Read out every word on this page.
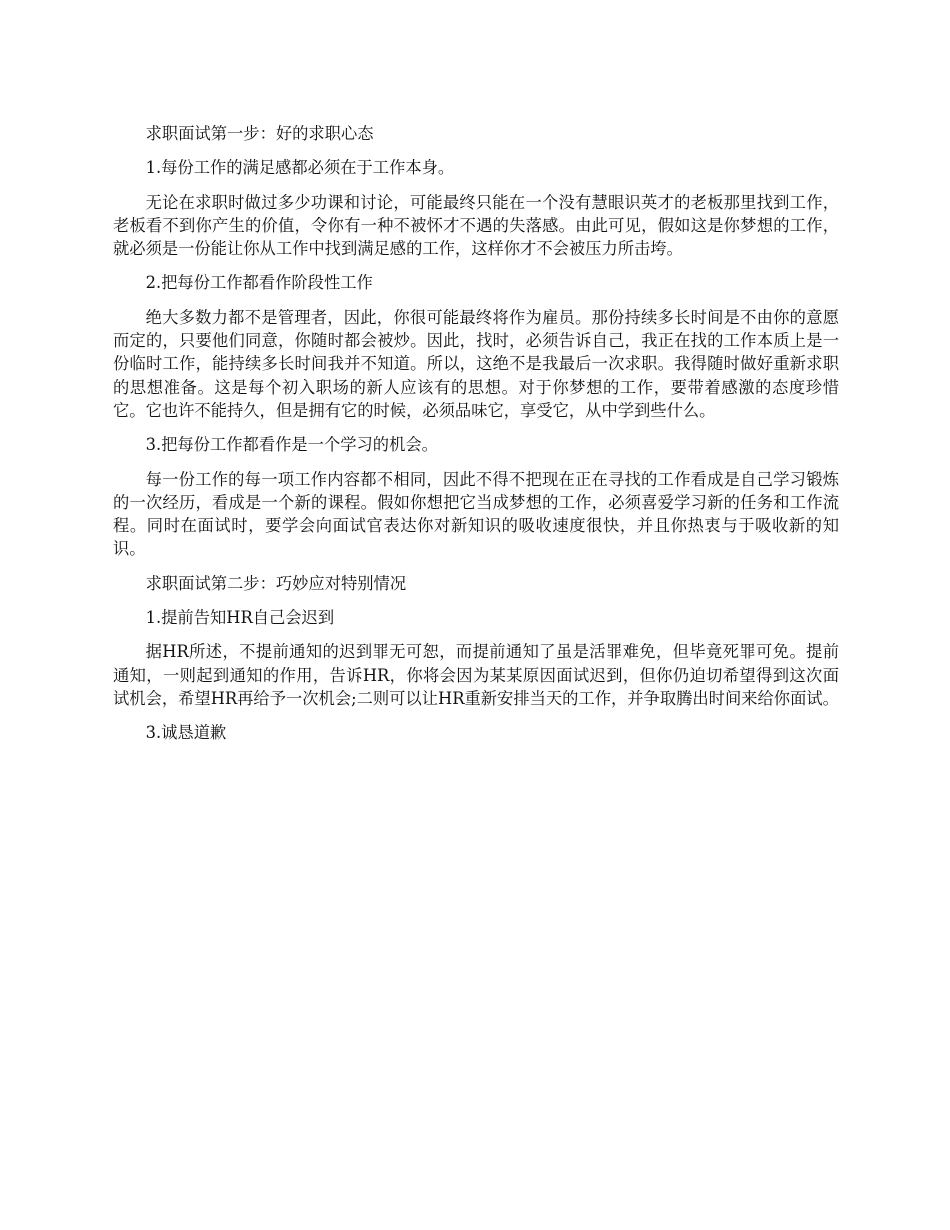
求职面试第一步：好的求职心态

1.每份工作的满足感都必须在于工作本身。

无论在求职时做过多少功课和讨论，可能最终只能在一个没有慧眼识英才的老板那里找到工作，老板看不到你产生的价值，令你有一种不被怀才不遇的失落感。由此可见，假如这是你梦想的工作，就必须是一份能让你从工作中找到满足感的工作，这样你才不会被压力所击垮。

2.把每份工作都看作阶段性工作

绝大多数力都不是管理者，因此，你很可能最终将作为雇员。那份持续多长时间是不由你的意愿而定的，只要他们同意，你随时都会被炒。因此，找时，必须告诉自己，我正在找的工作本质上是一份临时工作，能持续多长时间我并不知道。所以，这绝不是我最后一次求职。我得随时做好重新求职的思想准备。这是每个初入职场的新人应该有的思想。对于你梦想的工作，要带着感激的态度珍惜它。它也许不能持久，但是拥有它的时候，必须品味它，享受它，从中学到些什么。

3.把每份工作都看作是一个学习的机会。

每一份工作的每一项工作内容都不相同，因此不得不把现在正在寻找的工作看成是自己学习锻炼的一次经历，看成是一个新的课程。假如你想把它当成梦想的工作，必须喜爱学习新的任务和工作流程。同时在面试时，要学会向面试官表达你对新知识的吸收速度很快，并且你热衷与于吸收新的知识。

求职面试第二步：巧妙应对特别情况

1.提前告知HR自己会迟到

据HR所述，不提前通知的迟到罪无可恕，而提前通知了虽是活罪难免，但毕竟死罪可免。提前通知，一则起到通知的作用，告诉HR，你将会因为某某原因面试迟到，但你仍迫切希望得到这次面试机会，希望HR再给予一次机会;二则可以让HR重新安排当天的工作，并争取腾出时间来给你面试。

3.诚恳道歉
